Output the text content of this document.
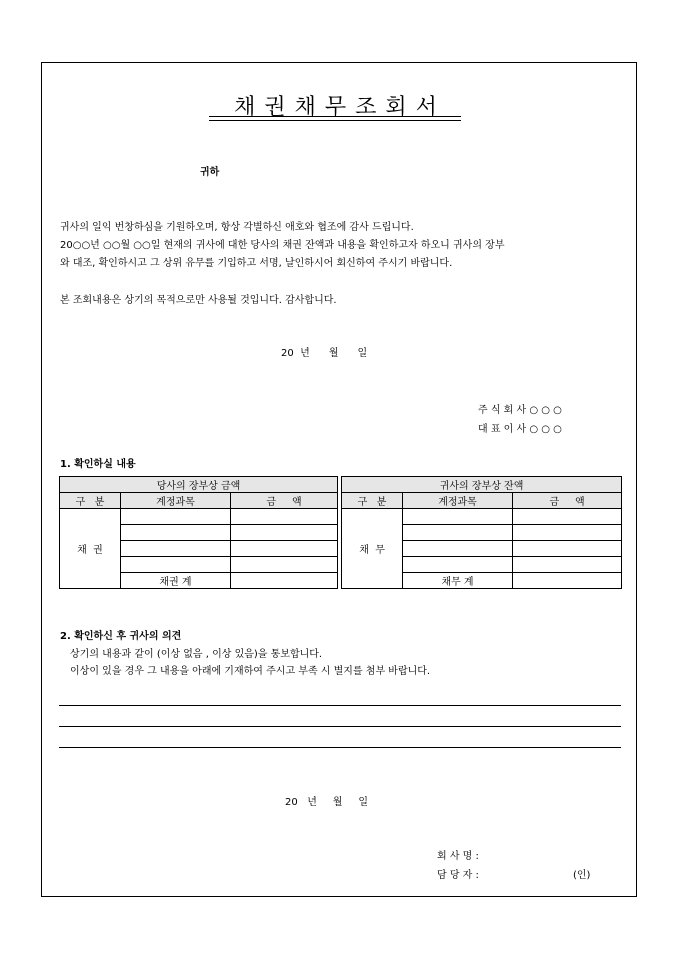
채권채무조회서
귀하
귀사의 일익 번창하심을 기원하오며, 항상 각별하신 애호와 협조에 감사 드립니다.
20○○년 ○○월 ○○일 현재의 귀사에 대한 당사의 채권 잔액과 내용을 확인하고자 하오니 귀사의 장부
와 대조, 확인하시고 그 상위 유무를 기입하고 서명, 날인하시어 회신하여 주시기 바랍니다.
본 조회내용은 상기의 목적으로만 사용될 것입니다. 감사합니다.
20  년      월      일
주 식 회 사 ○ ○ ○
대 표 이 사 ○ ○ ○
1. 확인하실 내용
당사의 장부상 금액				귀사의 장부상 잔액		
구   분	계정과목	금     액		구   분	계정과목	금     액
채  권				채  무		

	채권 계				채무 계	
2. 확인하신 후 귀사의 의견
상기의 내용과 같이 (이상 없음 , 이상 있음)을 통보합니다.
이상이 있을 경우 그 내용을 아래에 기재하여 주시고 부족 시 별지를 첨부 바랍니다.
20   년     월     일
회 사 명 :
담 당 자 :	(인)
